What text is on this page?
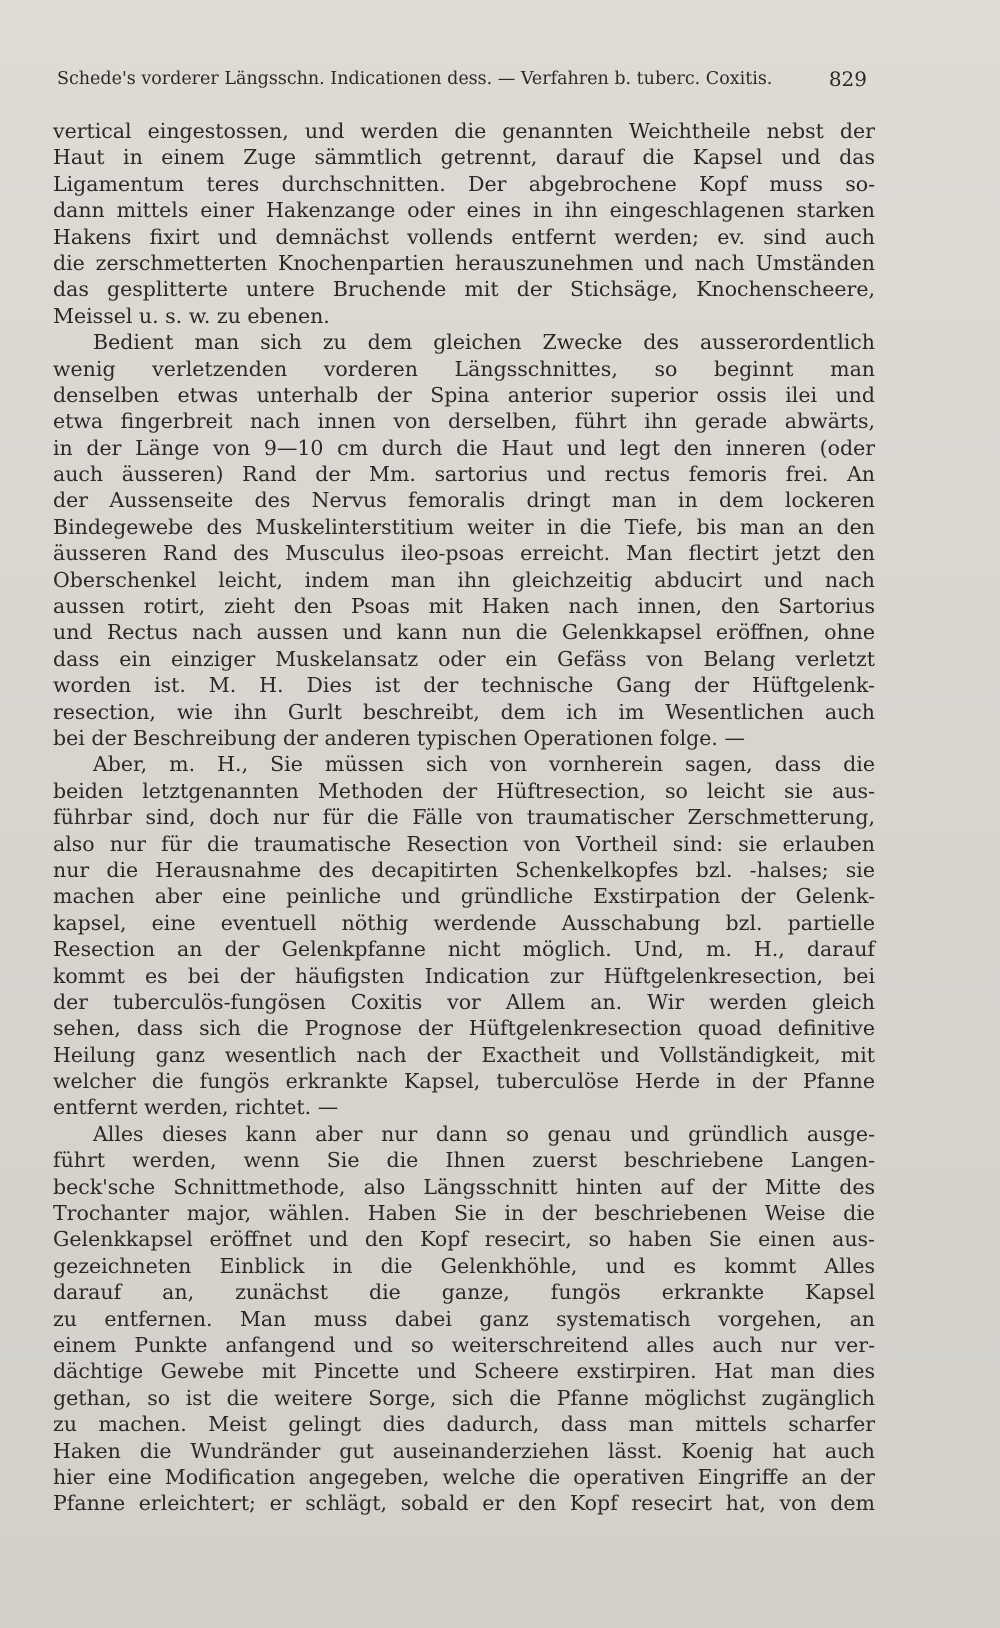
Schede's vorderer Längsschn. Indicationen dess. — Verfahren b. tuberc. Coxitis.	829
vertical eingestossen, und werden die genannten Weichtheile nebst der
Haut in einem Zuge sämmtlich getrennt, darauf die Kapsel und das
Ligamentum teres durchschnitten. Der abgebrochene Kopf muss so-
dann mittels einer Hakenzange oder eines in ihn eingeschlagenen starken
Hakens fixirt und demnächst vollends entfernt werden; ev. sind auch
die zerschmetterten Knochenpartien herauszunehmen und nach Umständen
das gesplitterte untere Bruchende mit der Stichsäge, Knochenscheere,
Meissel u. s. w. zu ebenen.
Bedient man sich zu dem gleichen Zwecke des ausserordentlich
wenig verletzenden vorderen Längsschnittes, so beginnt man
denselben etwas unterhalb der Spina anterior superior ossis ilei und
etwa fingerbreit nach innen von derselben, führt ihn gerade abwärts,
in der Länge von 9—10 cm durch die Haut und legt den inneren (oder
auch äusseren) Rand der Mm. sartorius und rectus femoris frei. An
der Aussenseite des Nervus femoralis dringt man in dem lockeren
Bindegewebe des Muskelinterstitium weiter in die Tiefe, bis man an den
äusseren Rand des Musculus ileo-psoas erreicht. Man flectirt jetzt den
Oberschenkel leicht, indem man ihn gleichzeitig abducirt und nach
aussen rotirt, zieht den Psoas mit Haken nach innen, den Sartorius
und Rectus nach aussen und kann nun die Gelenkkapsel eröffnen, ohne
dass ein einziger Muskelansatz oder ein Gefäss von Belang verletzt
worden ist. M. H. Dies ist der technische Gang der Hüftgelenk-
resection, wie ihn Gurlt beschreibt, dem ich im Wesentlichen auch
bei der Beschreibung der anderen typischen Operationen folge. —
Aber, m. H., Sie müssen sich von vornherein sagen, dass die
beiden letztgenannten Methoden der Hüftresection, so leicht sie aus-
führbar sind, doch nur für die Fälle von traumatischer Zerschmetterung,
also nur für die traumatische Resection von Vortheil sind: sie erlauben
nur die Herausnahme des decapitirten Schenkelkopfes bzl. -halses; sie
machen aber eine peinliche und gründliche Exstirpation der Gelenk-
kapsel, eine eventuell nöthig werdende Ausschabung bzl. partielle
Resection an der Gelenkpfanne nicht möglich. Und, m. H., darauf
kommt es bei der häufigsten Indication zur Hüftgelenkresection, bei
der tuberculös-fungösen Coxitis vor Allem an. Wir werden gleich
sehen, dass sich die Prognose der Hüftgelenkresection quoad definitive
Heilung ganz wesentlich nach der Exactheit und Vollständigkeit, mit
welcher die fungös erkrankte Kapsel, tuberculöse Herde in der Pfanne
entfernt werden, richtet. —
Alles dieses kann aber nur dann so genau und gründlich ausge-
führt werden, wenn Sie die Ihnen zuerst beschriebene Langen-
beck'sche Schnittmethode, also Längsschnitt hinten auf der Mitte des
Trochanter major, wählen. Haben Sie in der beschriebenen Weise die
Gelenkkapsel eröffnet und den Kopf resecirt, so haben Sie einen aus-
gezeichneten Einblick in die Gelenkhöhle, und es kommt Alles
darauf an, zunächst die ganze, fungös erkrankte Kapsel
zu entfernen. Man muss dabei ganz systematisch vorgehen, an
einem Punkte anfangend und so weiterschreitend alles auch nur ver-
dächtige Gewebe mit Pincette und Scheere exstirpiren. Hat man dies
gethan, so ist die weitere Sorge, sich die Pfanne möglichst zugänglich
zu machen. Meist gelingt dies dadurch, dass man mittels scharfer
Haken die Wundränder gut auseinanderziehen lässt. Koenig hat auch
hier eine Modification angegeben, welche die operativen Eingriffe an der
Pfanne erleichtert; er schlägt, sobald er den Kopf resecirt hat, von dem
